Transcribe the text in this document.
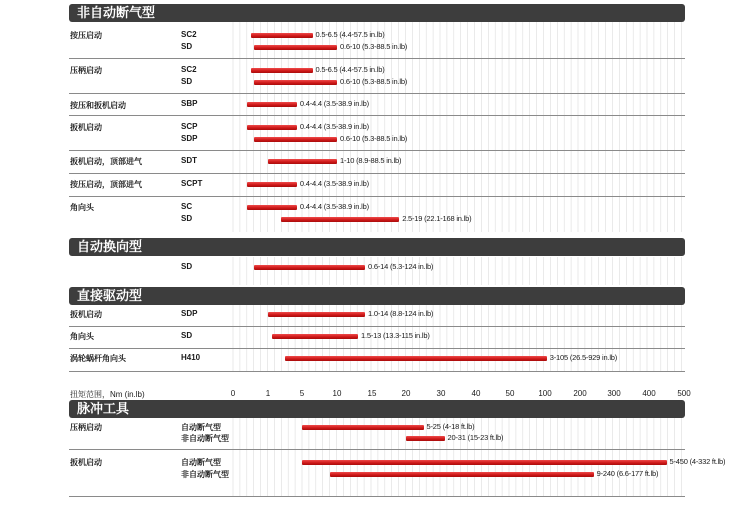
扭矩范围，Nm (in.lb)	0	1	5	10	15	20	30	40	50	100	200	300	400	500
非自动断气型
按压启动	SC2	0.5-6.5 (4.4-57.5 in.lb)
SD	0.6-10 (5.3-88.5 in.lb)
压柄启动	SC2	0.5-6.5 (4.4-57.5 in.lb)
SD	0.6-10 (5.3-88.5 in.lb)
按压和扳机启动	SBP	0.4-4.4 (3.5-38.9 in.lb)
扳机启动	SCP	0.4-4.4 (3.5-38.9 in.lb)
SDP	0.6-10 (5.3-88.5 in.lb)
扳机启动，顶部进气	SDT	1-10 (8.9-88.5 in.lb)
按压启动，顶部进气	SCPT	0.4-4.4 (3.5-38.9 in.lb)
角向头	SC	0.4-4.4 (3.5-38.9 in.lb)
SD	2.5-19 (22.1-168 in.lb)
自动换向型
SD	0.6-14 (5.3-124 in.lb)
直接驱动型
扳机启动	SDP	1.0-14 (8.8-124 in.lb)
角向头	SD	1.5-13 (13.3-115 in.lb)
涡轮蜗杆角向头	H410	3-105 (26.5-929 in.lb)
脉冲工具
压柄启动	自动断气型	5-25 (4-18 ft.lb)
非自动断气型	20-31 (15-23 ft.lb)
扳机启动	自动断气型	5-450 (4-332 ft.lb)
非自动断气型	9-240 (6.6-177 ft.lb)
